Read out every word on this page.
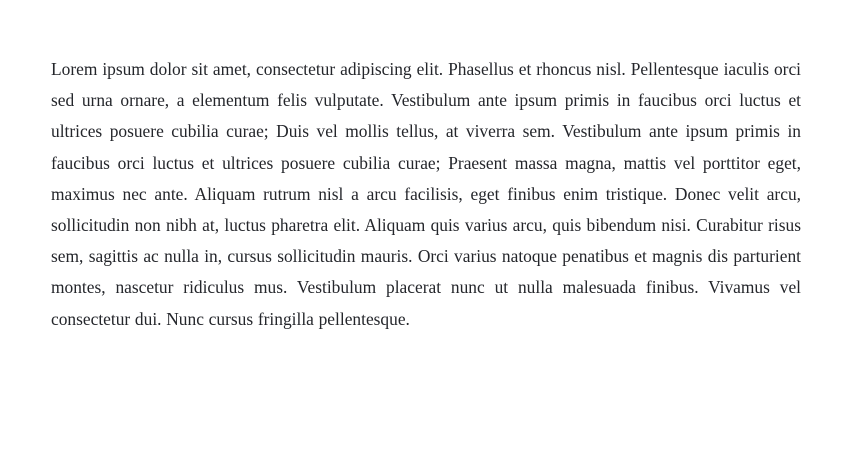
Lorem ipsum dolor sit amet, consectetur adipiscing elit. Phasellus et rhoncus nisl. Pellentesque iaculis orci sed urna ornare, a elementum felis vulputate. Vestibulum ante ipsum primis in faucibus orci luctus et ultrices posuere cubilia curae; Duis vel mollis tellus, at viverra sem. Vestibulum ante ipsum primis in faucibus orci luctus et ultrices posuere cubilia curae; Praesent massa magna, mattis vel porttitor eget, maximus nec ante. Aliquam rutrum nisl a arcu facilisis, eget finibus enim tristique. Donec velit arcu, sollicitudin non nibh at, luctus pharetra elit. Aliquam quis varius arcu, quis bibendum nisi. Curabitur risus sem, sagittis ac nulla in, cursus sollicitudin mauris. Orci varius natoque penatibus et magnis dis parturient montes, nascetur ridiculus mus. Vestibulum placerat nunc ut nulla malesuada finibus. Vivamus vel consectetur dui. Nunc cursus fringilla pellentesque.
